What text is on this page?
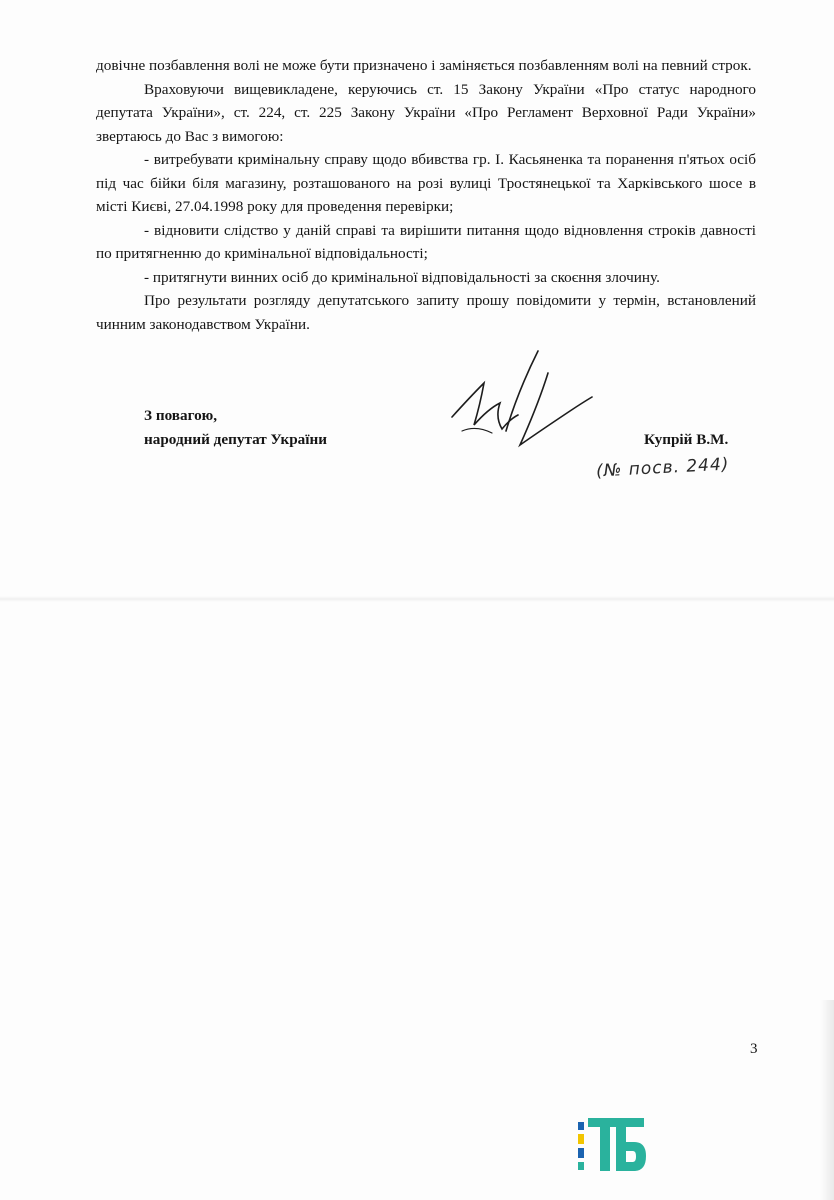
довічне позбавлення волі не може бути призначено і заміняється позбавленням волі на певний строк.

Враховуючи вищевикладене, керуючись ст. 15 Закону України «Про статус народного депутата України», ст. 224, ст. 225 Закону України «Про Регламент Верховної Ради України» звертаюсь до Вас з вимогою:

- витребувати кримінальну справу щодо вбивства гр. І. Касьяненка та поранення п'ятьох осіб під час бійки біля магазину, розташованого на розі вулиці Тростянецької та Харківського шосе в місті Києві, 27.04.1998 року для проведення перевірки;

- відновити слідство у даній справі та вирішити питання щодо відновлення строків давності по притягненню до кримінальної відповідальності;

- притягнути винних осіб до кримінальної відповідальності за скоєння злочину.

Про результати розгляду депутатського запиту прошу повідомити у термін, встановлений чинним законодавством України.

З повагою,
народний депутат України	Купрій В.М.
(№ посв. 244)
3
